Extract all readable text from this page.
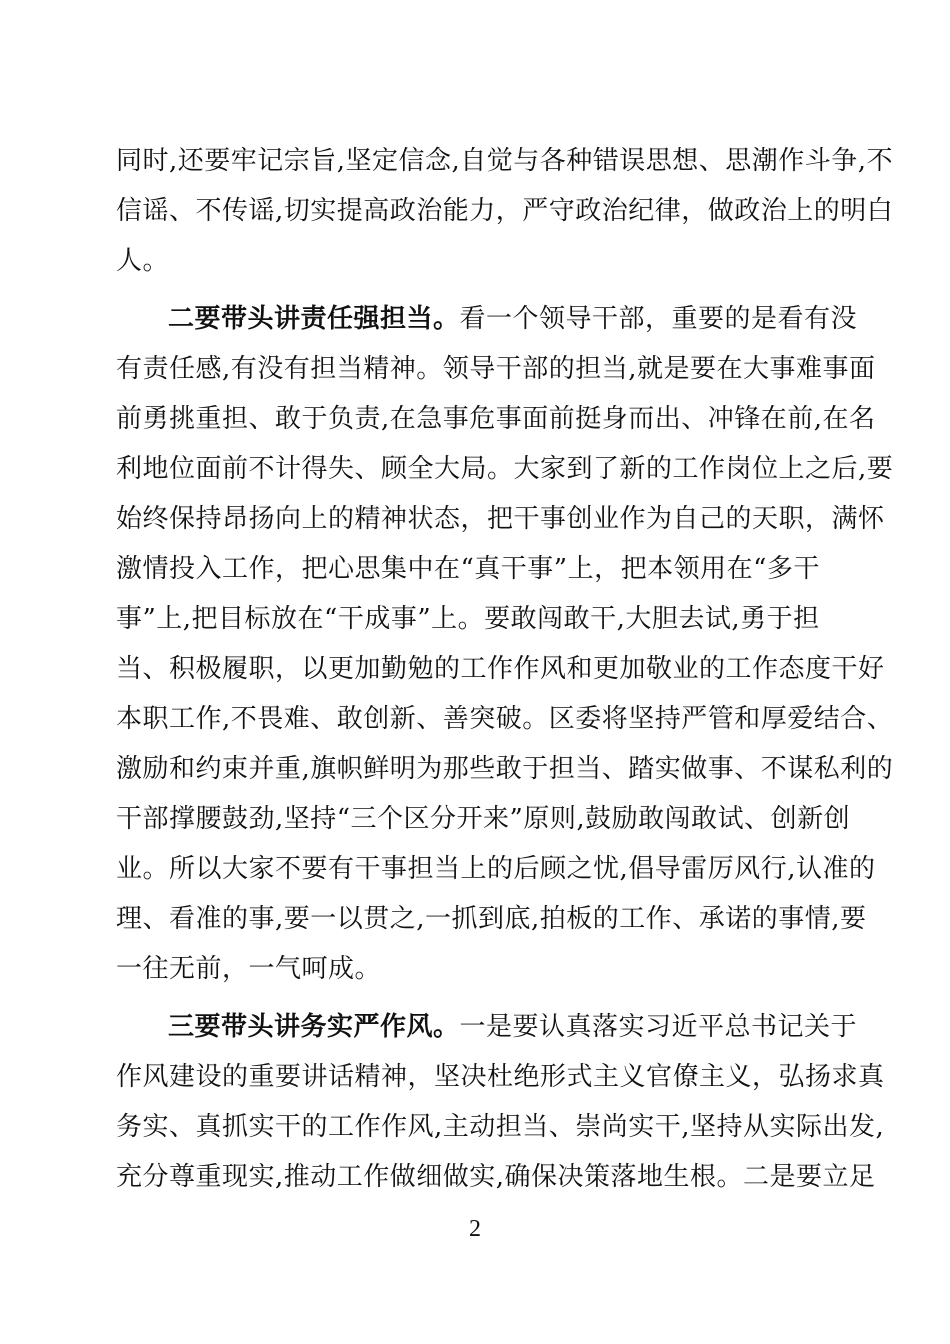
同时,还要牢记宗旨,坚定信念,自觉与各种错误思想、思潮作斗争,不
信谣、不传谣,切实提高政治能力，严守政治纪律，做政治上的明白
人。
二要带头讲责任强担当。看一个领导干部，重要的是看有没
有责任感,有没有担当精神。领导干部的担当,就是要在大事难事面
前勇挑重担、敢于负责,在急事危事面前挺身而出、冲锋在前,在名
利地位面前不计得失、顾全大局。大家到了新的工作岗位上之后,要
始终保持昂扬向上的精神状态，把干事创业作为自己的天职，满怀
激情投入工作，把心思集中在“真干事”上，把本领用在“多干
事”上,把目标放在“干成事”上。要敢闯敢干,大胆去试,勇于担
当、积极履职，以更加勤勉的工作作风和更加敬业的工作态度干好
本职工作,不畏难、敢创新、善突破。区委将坚持严管和厚爱结合、
激励和约束并重,旗帜鲜明为那些敢于担当、踏实做事、不谋私利的
干部撑腰鼓劲,坚持“三个区分开来”原则,鼓励敢闯敢试、创新创
业。所以大家不要有干事担当上的后顾之忧,倡导雷厉风行,认准的
理、看准的事,要一以贯之,一抓到底,拍板的工作、承诺的事情,要
一往无前，一气呵成。
三要带头讲务实严作风。一是要认真落实习近平总书记关于
作风建设的重要讲话精神，坚决杜绝形式主义官僚主义，弘扬求真
务实、真抓实干的工作作风,主动担当、崇尚实干,坚持从实际出发,
充分尊重现实,推动工作做细做实,确保决策落地生根。二是要立足
2
